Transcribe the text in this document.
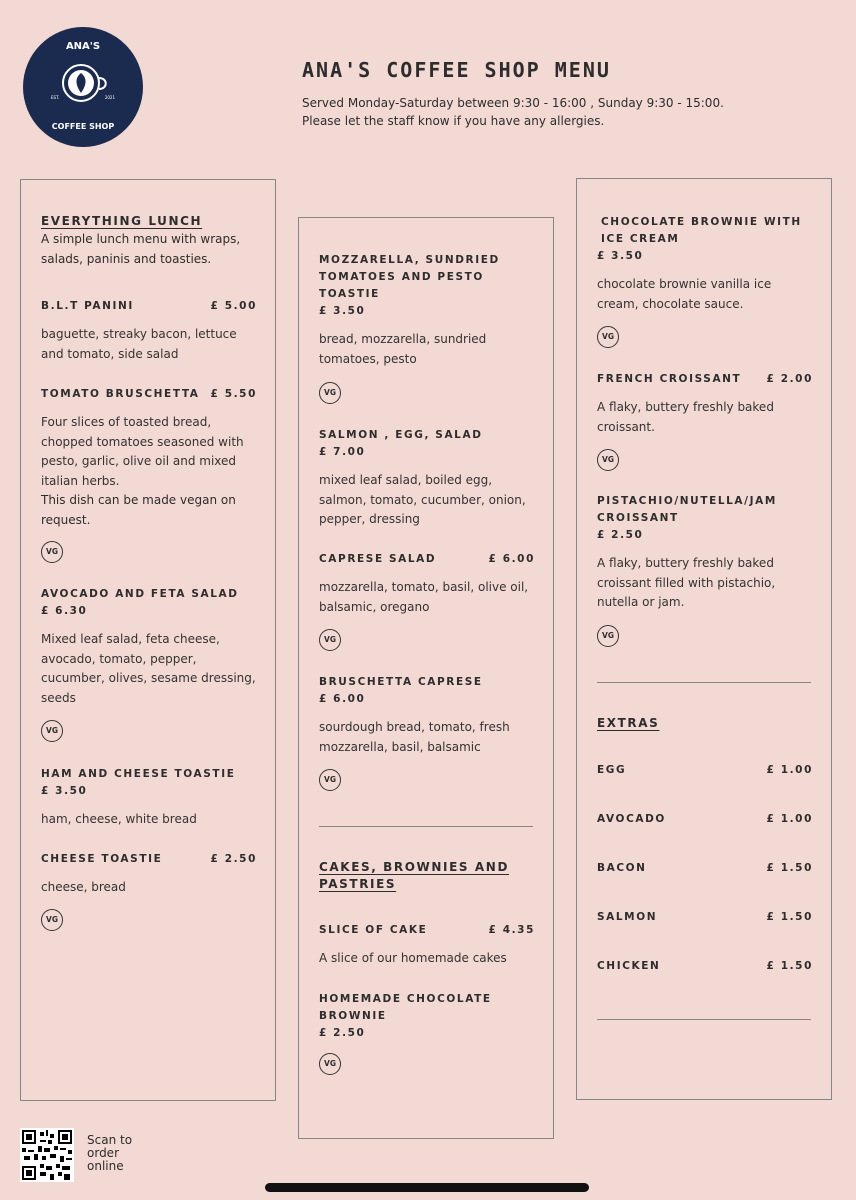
ANA'S
EST.	2021
COFFEE SHOP
ANA'S COFFEE SHOP MENU

Served Monday-Saturday between 9:30 - 16:00 , Sunday 9:30 - 15:00.

Please let the staff know if you have any allergies.

EVERYTHING LUNCH
A simple lunch menu with wraps, salads, paninis and toasties.
B.L.T PANINI	£ 5.00
baguette, streaky bacon, lettuce and tomato, side salad
TOMATO BRUSCHETTA £ 5.50
Four slices of toasted bread, chopped tomatoes seasoned with pesto, garlic, olive oil and mixed italian herbs.
This dish can be made vegan on request.
VG
AVOCADO AND FETA SALAD
£ 6.30
Mixed leaf salad, feta cheese, avocado, tomato, pepper, cucumber, olives, sesame dressing, seeds
VG
HAM AND CHEESE TOASTIE
£ 3.50
ham, cheese, white bread
CHEESE TOASTIE	£ 2.50
cheese, bread
VG
MOZZARELLA, SUNDRIED TOMATOES AND PESTO TOASTIE
£ 3.50
bread, mozzarella, sundried tomatoes, pesto
VG
SALMON , EGG, SALAD
£ 7.00
mixed leaf salad, boiled egg, salmon, tomato, cucumber, onion, pepper, dressing
CAPRESE SALAD	£ 6.00
mozzarella, tomato, basil, olive oil, balsamic, oregano
VG
BRUSCHETTA CAPRESE
£ 6.00
sourdough bread, tomato, fresh mozzarella, basil, balsamic
VG
CAKES, BROWNIES AND PASTRIES
SLICE OF CAKE	£ 4.35
A slice of our homemade cakes
HOMEMADE CHOCOLATE BROWNIE
£ 2.50
VG
CHOCOLATE BROWNIE WITH ICE CREAM
£ 3.50
chocolate brownie vanilla ice cream, chocolate sauce.
VG
FRENCH CROISSANT £ 2.00
A flaky, buttery freshly baked croissant.
VG
PISTACHIO/NUTELLA/JAM CROISSANT
£ 2.50
A flaky, buttery freshly baked croissant filled with pistachio, nutella or jam.
VG
EXTRAS
EGG	£ 1.00
AVOCADO	£ 1.00
BACON	£ 1.50
SALMON	£ 1.50
CHICKEN	£ 1.50
Scan to order online
